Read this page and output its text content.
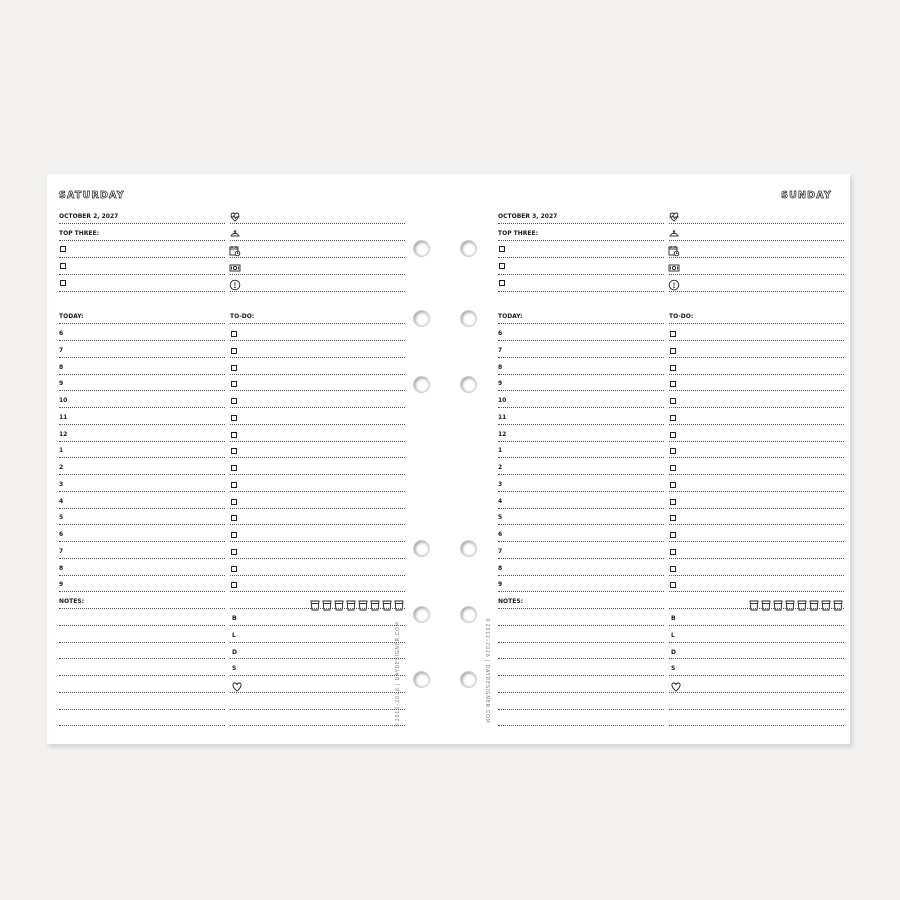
SATURDAY
OCTOBER 2, 2027
TOP THREE:
TODAY:	TO-DO:
6
7
8
9
10
11
12
1
2
3
4
5
6
7
8
9
NOTES:
B
L
D
S
SUNDAY
OCTOBER 3, 2027
TOP THREE:
TODAY:	TO-DO:
6
7
8
9
10
11
12
1
2
3
4
5
6
7
8
9
NOTES:
B
L
D
S
©2012–2026 | DAYDESIGNER.COM	©2012–2026 | DAYDESIGNER.COM
